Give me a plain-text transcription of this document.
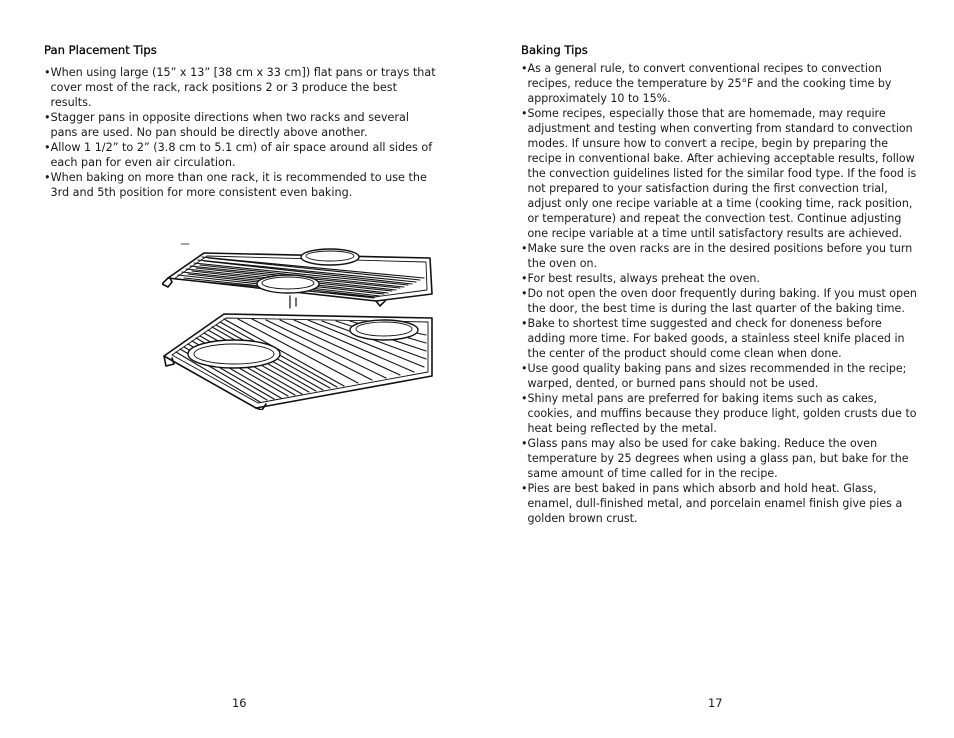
Pan Placement Tips
•When using large (15” x 13” [38 cm x 33 cm]) flat pans or trays that cover most of the rack, rack positions 2 or 3 produce the best results.
•Stagger pans in opposite directions when two racks and several pans are used. No pan should be directly above another.
•Allow 1 1/2” to 2” (3.8 cm to 5.1 cm) of air space around all sides of each pan for even air circulation.
•When baking on more than one rack, it is recommended to use the 3rd and 5th position for more consistent even baking.
16
Baking Tips
•As a general rule, to convert conventional recipes to convection recipes, reduce the temperature by 25°F and the cooking time by approximately 10 to 15%.
•Some recipes, especially those that are homemade, may require adjustment and testing when converting from standard to convection modes. If unsure how to convert a recipe, begin by preparing the recipe in conventional bake. After achieving acceptable results, follow the convection guidelines listed for the similar food type. If the food is not prepared to your satisfaction during the first convection trial, adjust only one recipe variable at a time (cooking time, rack position, or temperature) and repeat the convection test. Continue adjusting one recipe variable at a time until satisfactory results are achieved.
•Make sure the oven racks are in the desired positions before you turn the oven on.
•For best results, always preheat the oven.
•Do not open the oven door frequently during baking. If you must open the door, the best time is during the last quarter of the baking time.
•Bake to shortest time suggested and check for doneness before adding more time. For baked goods, a stainless steel knife placed in the center of the product should come clean when done.
•Use good quality baking pans and sizes recommended in the recipe; warped, dented, or burned pans should not be used.
•Shiny metal pans are preferred for baking items such as cakes, cookies, and muffins because they produce light, golden crusts due to heat being reflected by the metal.
•Glass pans may also be used for cake baking. Reduce the oven temperature by 25 degrees when using a glass pan, but bake for the same amount of time called for in the recipe.
•Pies are best baked in pans which absorb and hold heat. Glass, enamel, dull-finished metal, and porcelain enamel finish give pies a golden brown crust.
17
